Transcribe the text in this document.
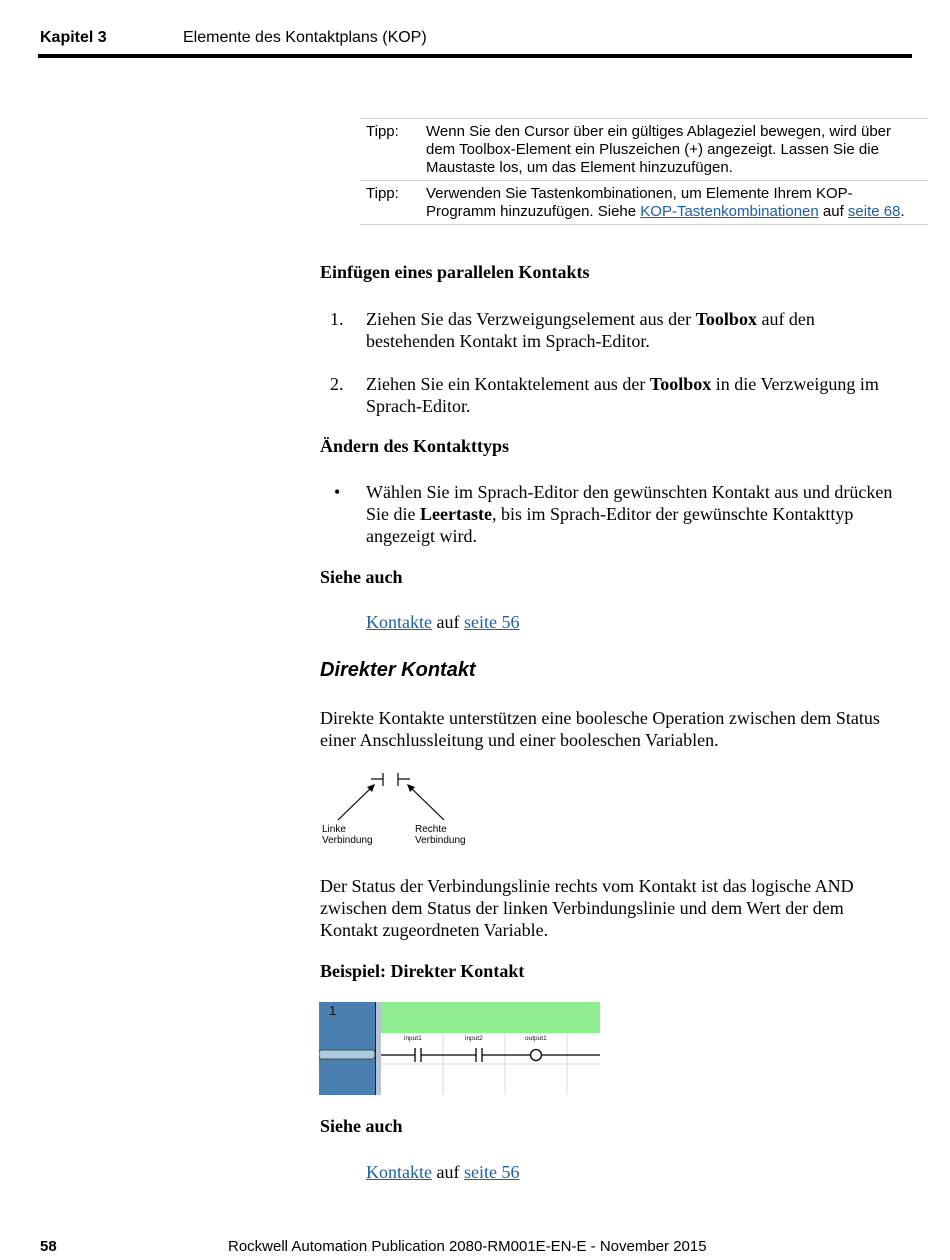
Kapitel 3	Elemente des Kontaktplans (KOP)
Tipp:	Wenn Sie den Cursor über ein gültiges Ablageziel bewegen, wird über dem Toolbox-Element ein Pluszeichen (+) angezeigt. Lassen Sie die Maustaste los, um das Element hinzuzufügen.
Tipp:	Verwenden Sie Tastenkombinationen, um Elemente Ihrem KOP-Programm hinzuzufügen. Siehe KOP-Tastenkombinationen auf seite 68.
Einfügen eines parallelen Kontakts
1.	Ziehen Sie das Verzweigungselement aus der Toolbox auf den bestehenden Kontakt im Sprach-Editor.
2.	Ziehen Sie ein Kontaktelement aus der Toolbox in die Verzweigung im Sprach-Editor.
Ändern des Kontakttyps
•	Wählen Sie im Sprach-Editor den gewünschten Kontakt aus und drücken Sie die Leertaste, bis im Sprach-Editor der gewünschte Kontakttyp angezeigt wird.
Siehe auch
Kontakte auf seite 56
Direkter Kontakt
Direkte Kontakte unterstützen eine boolesche Operation zwischen dem Status einer Anschlussleitung und einer booleschen Variablen.
Linke
Verbindung
Rechte
Verbindung
Der Status der Verbindungslinie rechts vom Kontakt ist das logische AND zwischen dem Status der linken Verbindungslinie und dem Wert der dem Kontakt zugeordneten Variable.
Beispiel: Direkter Kontakt
1
input1	input2	output1
Siehe auch
Kontakte auf seite 56
58	Rockwell Automation Publication 2080-RM001E-EN-E - November 2015
